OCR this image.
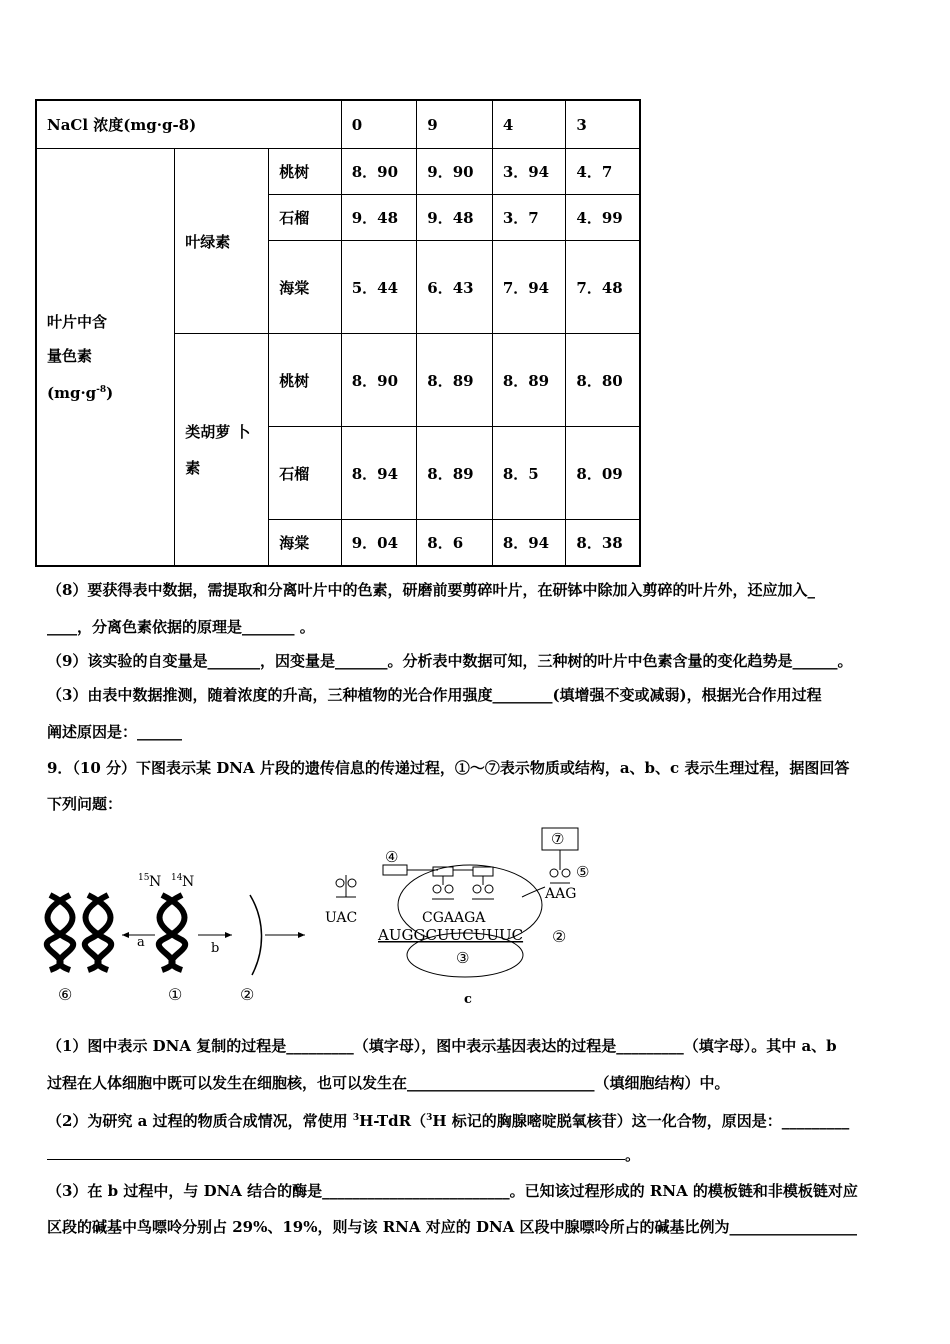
NaCl 浓度(mg·g-8)			0	9	4	3

叶片中含
量色素
$(mg\cdot g^{-8})$	叶绿素	桃树	8．90	9．90	3．94	4．7
		石榴	9．48	9．48	3．7	4．99
		海棠	5．44	6．43	7．94	7．48

	类胡萝 卜
素	桃树	8．90	8．89	8．89	8．80
		石榴	8．94	8．89	8．5	8．09
		海棠	9．04	8．6	8．94	8．38
（8）要获得表中数据，需提取和分离叶片中的色素，研磨前要剪碎叶片，在研钵中除加入剪碎的叶片外，还应加入_
____，分离色素依据的原理是_______ 。
（9）该实验的自变量是_______，因变量是_______。分析表中数据可知，三种树的叶片中色素含量的变化趋势是______。
（3）由表中数据推测，随着浓度的升高，三种植物的光合作用强度________(填增强不变或减弱)，根据光合作用过程
阐述原因是：______
9．（10 分）下图表示某 DNA 片段的遗传信息的传递过程，①～⑦表示物质或结构，a、b、c 表示生理过程，据图回答
下列问题：
15 N 14 N
a	b
⑥	①	②
③
UAC
④
CGAAGA
AUGGCUUCUUUC ②
⑦
⑤
AAG
c
（1）图中表示 DNA 复制的过程是_________（填字母），图中表示基因表达的过程是_________（填字母）。其中 a、b
过程在人体细胞中既可以发生在细胞核，也可以发生在_________________________（填细胞结构）中。
（2）为研究 a 过程的物质合成情况，常使用 $^3$H-TdR（$^3$H 标记的胸腺嘧啶脱氧核苷）这一化合物，原因是：_________
。
（3）在 b 过程中，与 DNA 结合的酶是_________________________。已知该过程形成的 RNA 的模板链和非模板链对应
区段的碱基中鸟嘌呤分别占 29%、19%，则与该 RNA 对应的 DNA 区段中腺嘌呤所占的碱基比例为_________________
